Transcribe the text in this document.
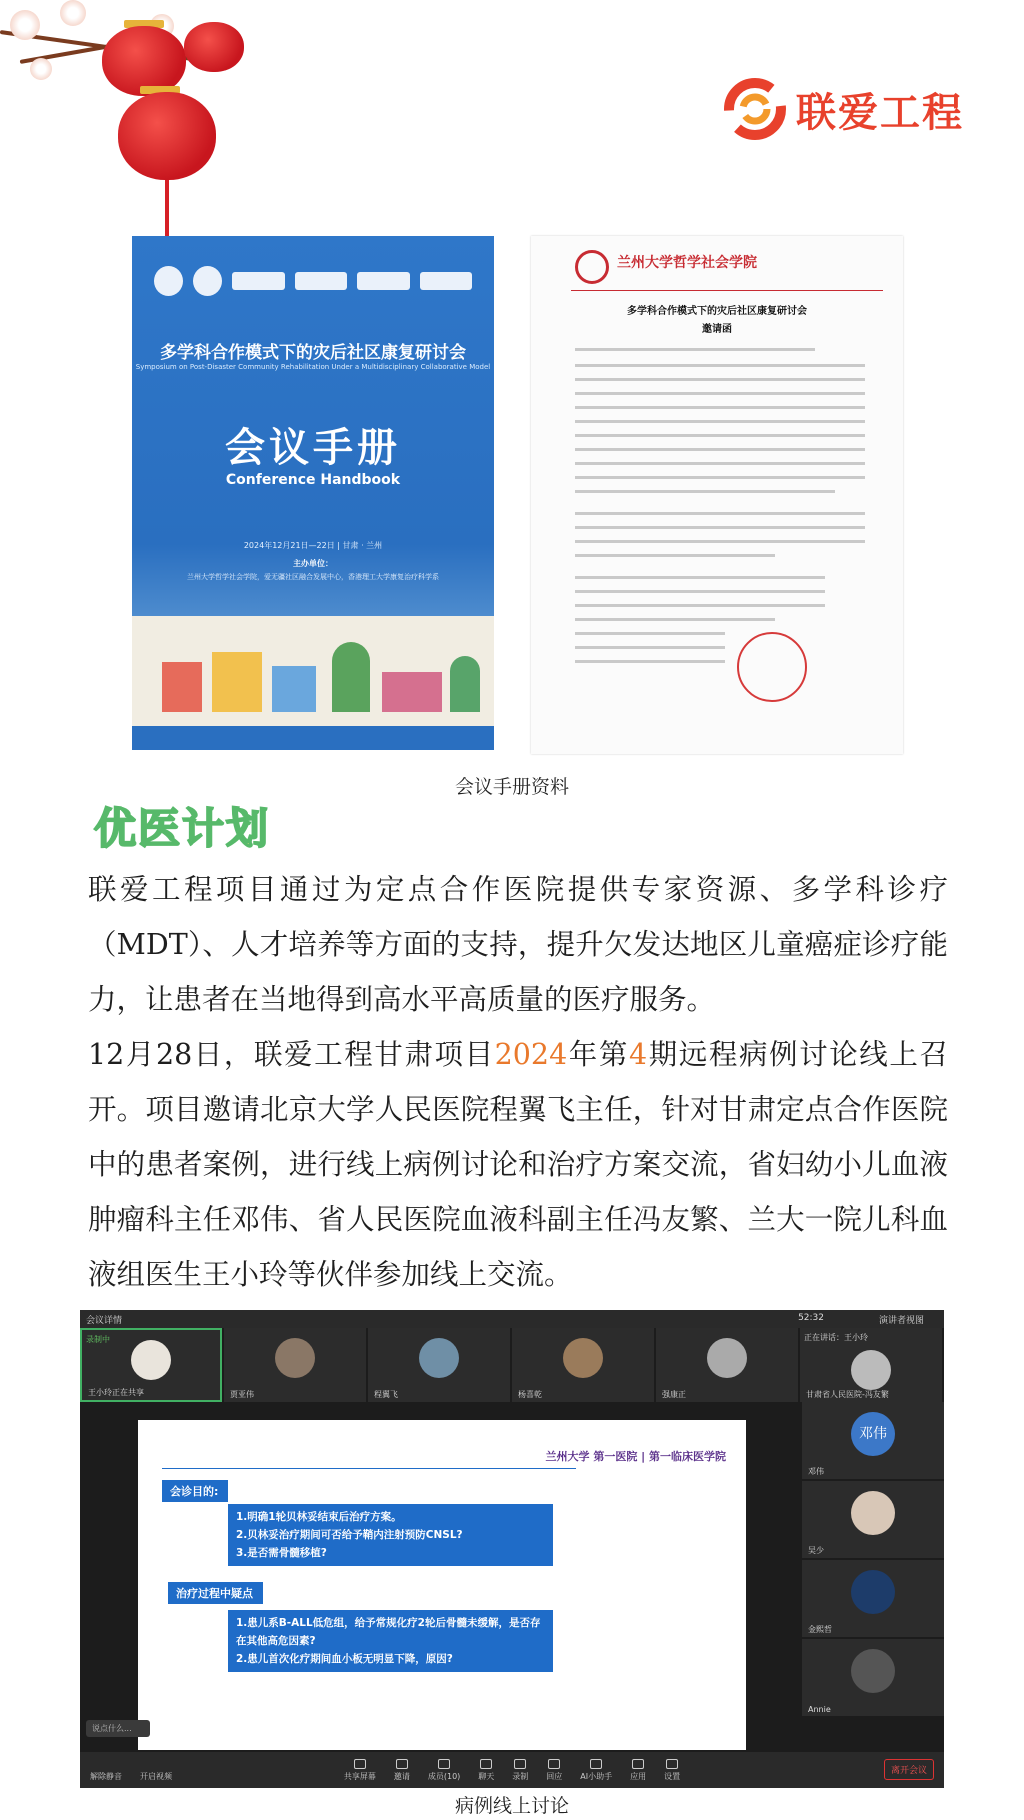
联爱工程
多学科合作模式下的灾后社区康复研讨会
Symposium on Post-Disaster Community Rehabilitation Under a Multidisciplinary Collaborative Model
会议手册
Conference Handbook
2024年12月21日—22日 | 甘肃 · 兰州
主办单位：
兰州大学哲学社会学院，爱无疆社区融合发展中心，香港理工大学康复治疗科学系
兰州大学哲学社会学院
多学科合作模式下的灾后社区康复研讨会
邀请函
会议手册资料
优医计划
联爱工程项目通过为定点合作医院提供专家资源、多学科诊疗（MDT）、人才培养等方面的支持，提升欠发达地区儿童癌症诊疗能力，让患者在当地得到高水平高质量的医疗服务。
12月28日，联爱工程甘肃项目2024年第4期远程病例讨论线上召开。项目邀请北京大学人民医院程翼飞主任，针对甘肃定点合作医院中的患者案例，进行线上病例讨论和治疗方案交流，省妇幼小儿血液肿瘤科主任邓伟、省人民医院血液科副主任冯友繁、兰大一院儿科血液组医生王小玲等伙伴参加线上交流。
会议详情	52:32	演讲者视图
录制中
王小玲正在共享	贾亚伟	程翼飞	杨喜乾	强康正
正在讲话：王小玲
甘肃省人民医院-冯友繁
兰州大学 第一医院 | 第一临床医学院
会诊目的:
1.明确1轮贝林妥结束后治疗方案。
2.贝林妥治疗期间可否给予鞘内注射预防CNSL?
3.是否需骨髓移植?
治疗过程中疑点
1.患儿系B-ALL低危组，给予常规化疗2轮后骨髓未缓解，是否存在其他高危因素?
2.患儿首次化疗期间血小板无明显下降，原因?
说点什么...
邓伟
邓伟
吴少
金熙哲
Annie
共享屏幕 邀请 成员(10) 聊天 录制 回应 AI小助手 应用 设置
解除静音 开启视频
离开会议
病例线上讨论
